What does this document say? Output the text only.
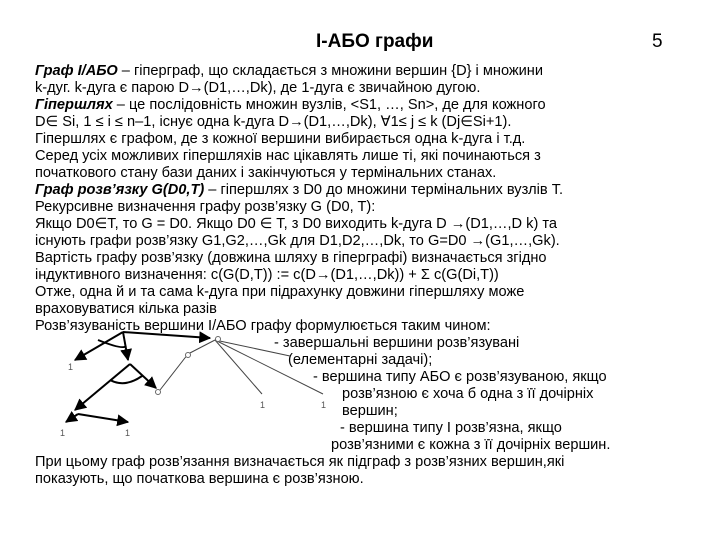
I-АБО графи	5
Граф I/АБО – гіперграф, що складається з множини вершин {D} і множини
k-дуг. k-дуга є парою D→(D1,…,Dk), де 1-дуга є звичайною дугою.
Гіпершлях – це послідовність множин вузлів, <S1, …, Sn>, де для кожного
D∈ Si, 1 ≤ i ≤ n–1, існує одна k-дуга D→(D1,…,Dk), ∀1≤ j ≤ k (Dj∈Si+1).
Гіпершлях є графом, де з кожної вершини вибирається одна k-дуга і т.д.
Серед усіх можливих гіпершляхів нас цікавлять лише ті, які починаються з
початкового стану бази даних і закінчуються у термінальних станах.
Граф розв’язку G(D0,T) – гіпершлях з D0 до множини термінальних вузлів T.
Рекурсивне визначення графу розв’язку G (D0, T):
Якщо D0∈T, то G = D0. Якщо D0 ∈ T, з D0 виходить k-дуга D →(D1,…,D k) та
існують графи розв’язку G1,G2,…,Gk для D1,D2,…,Dk, то G=D0 →(G1,…,Gk).
Вартість графу розв’язку (довжина шляху в гіперграфі) визначається згідно
індуктивного визначення: c(G(D,T)) := c(D→(D1,…,Dk)) + Σ c(G(Di,T))
Отже, одна й и та сама k-дуга при підрахунку довжини гіпершляху може
враховуватися кілька разів
Розв’язуваність вершини I/АБО графу формулюється таким чином:
- завершальні вершини розв’язувані
(елементарні задачі);
- вершина типу АБО є розв’язуваною, якщо
розв’язною є хоча б одна з її дочірніх
вершин;
- вершина типу I розв’язна, якщо
розв’язними є кожна з її дочірніх вершин.
При цьому граф розв’язання визначається як підграф з розв’язних вершин,які
показують, що початкова вершина є розв’язною.
1
1	1
1	1
